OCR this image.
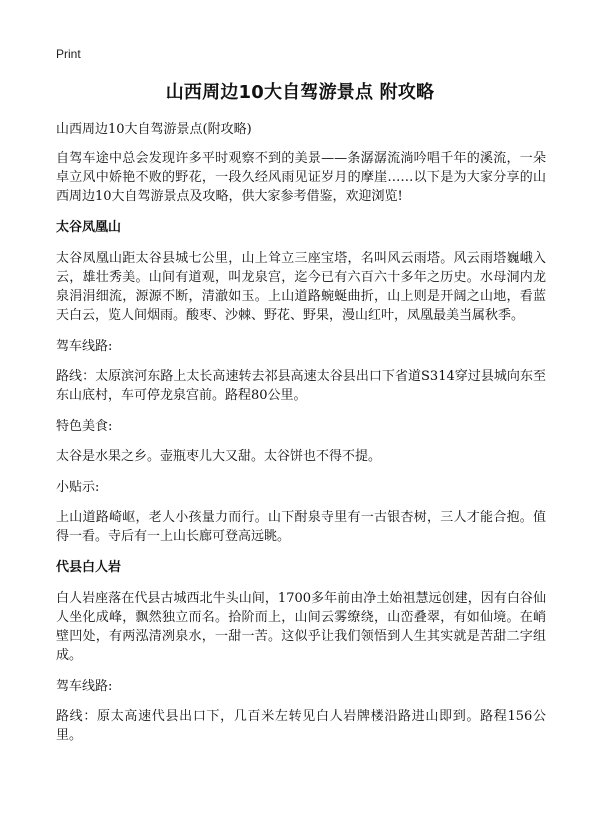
Print
山西周边10大自驾游景点 附攻略

山西周边10大自驾游景点(附攻略)

自驾车途中总会发现许多平时观察不到的美景——条潺潺流淌吟唱千年的溪流，一朵卓立风中娇艳不败的野花，一段久经风雨见证岁月的摩崖……以下是为大家分享的山西周边10大自驾游景点及攻略，供大家参考借鉴，欢迎浏览!

太谷凤凰山

太谷凤凰山距太谷县城七公里，山上耸立三座宝塔，名叫风云雨塔。风云雨塔巍峨入云，雄壮秀美。山间有道观，叫龙泉宫，迄今已有六百六十多年之历史。水母洞内龙泉涓涓细流，源源不断，清澈如玉。上山道路蜿蜒曲折，山上则是开阔之山地，看蓝天白云，览人间烟雨。酸枣、沙棘、野花、野果，漫山红叶，凤凰最美当属秋季。

驾车线路:

路线：太原滨河东路上太长高速转去祁县高速太谷县出口下省道S314穿过县城向东至东山底村，车可停龙泉宫前。路程80公里。

特色美食:

太谷是水果之乡。壶瓶枣儿大又甜。太谷饼也不得不提。

小贴示:

上山道路崎岖，老人小孩量力而行。山下酎泉寺里有一古银杏树，三人才能合抱。值得一看。寺后有一上山长廊可登高远眺。

代县白人岩

白人岩座落在代县古城西北牛头山间，1700多年前由净土始祖慧远创建，因有白谷仙人坐化成峰，飘然独立而名。拾阶而上，山间云雾缭绕，山峦叠翠，有如仙境。在峭壁凹处，有两泓清冽泉水，一甜一苦。这似乎让我们领悟到人生其实就是苦甜二字组成。

驾车线路:

路线：原太高速代县出口下，几百米左转见白人岩牌楼沿路进山即到。路程156公里。
